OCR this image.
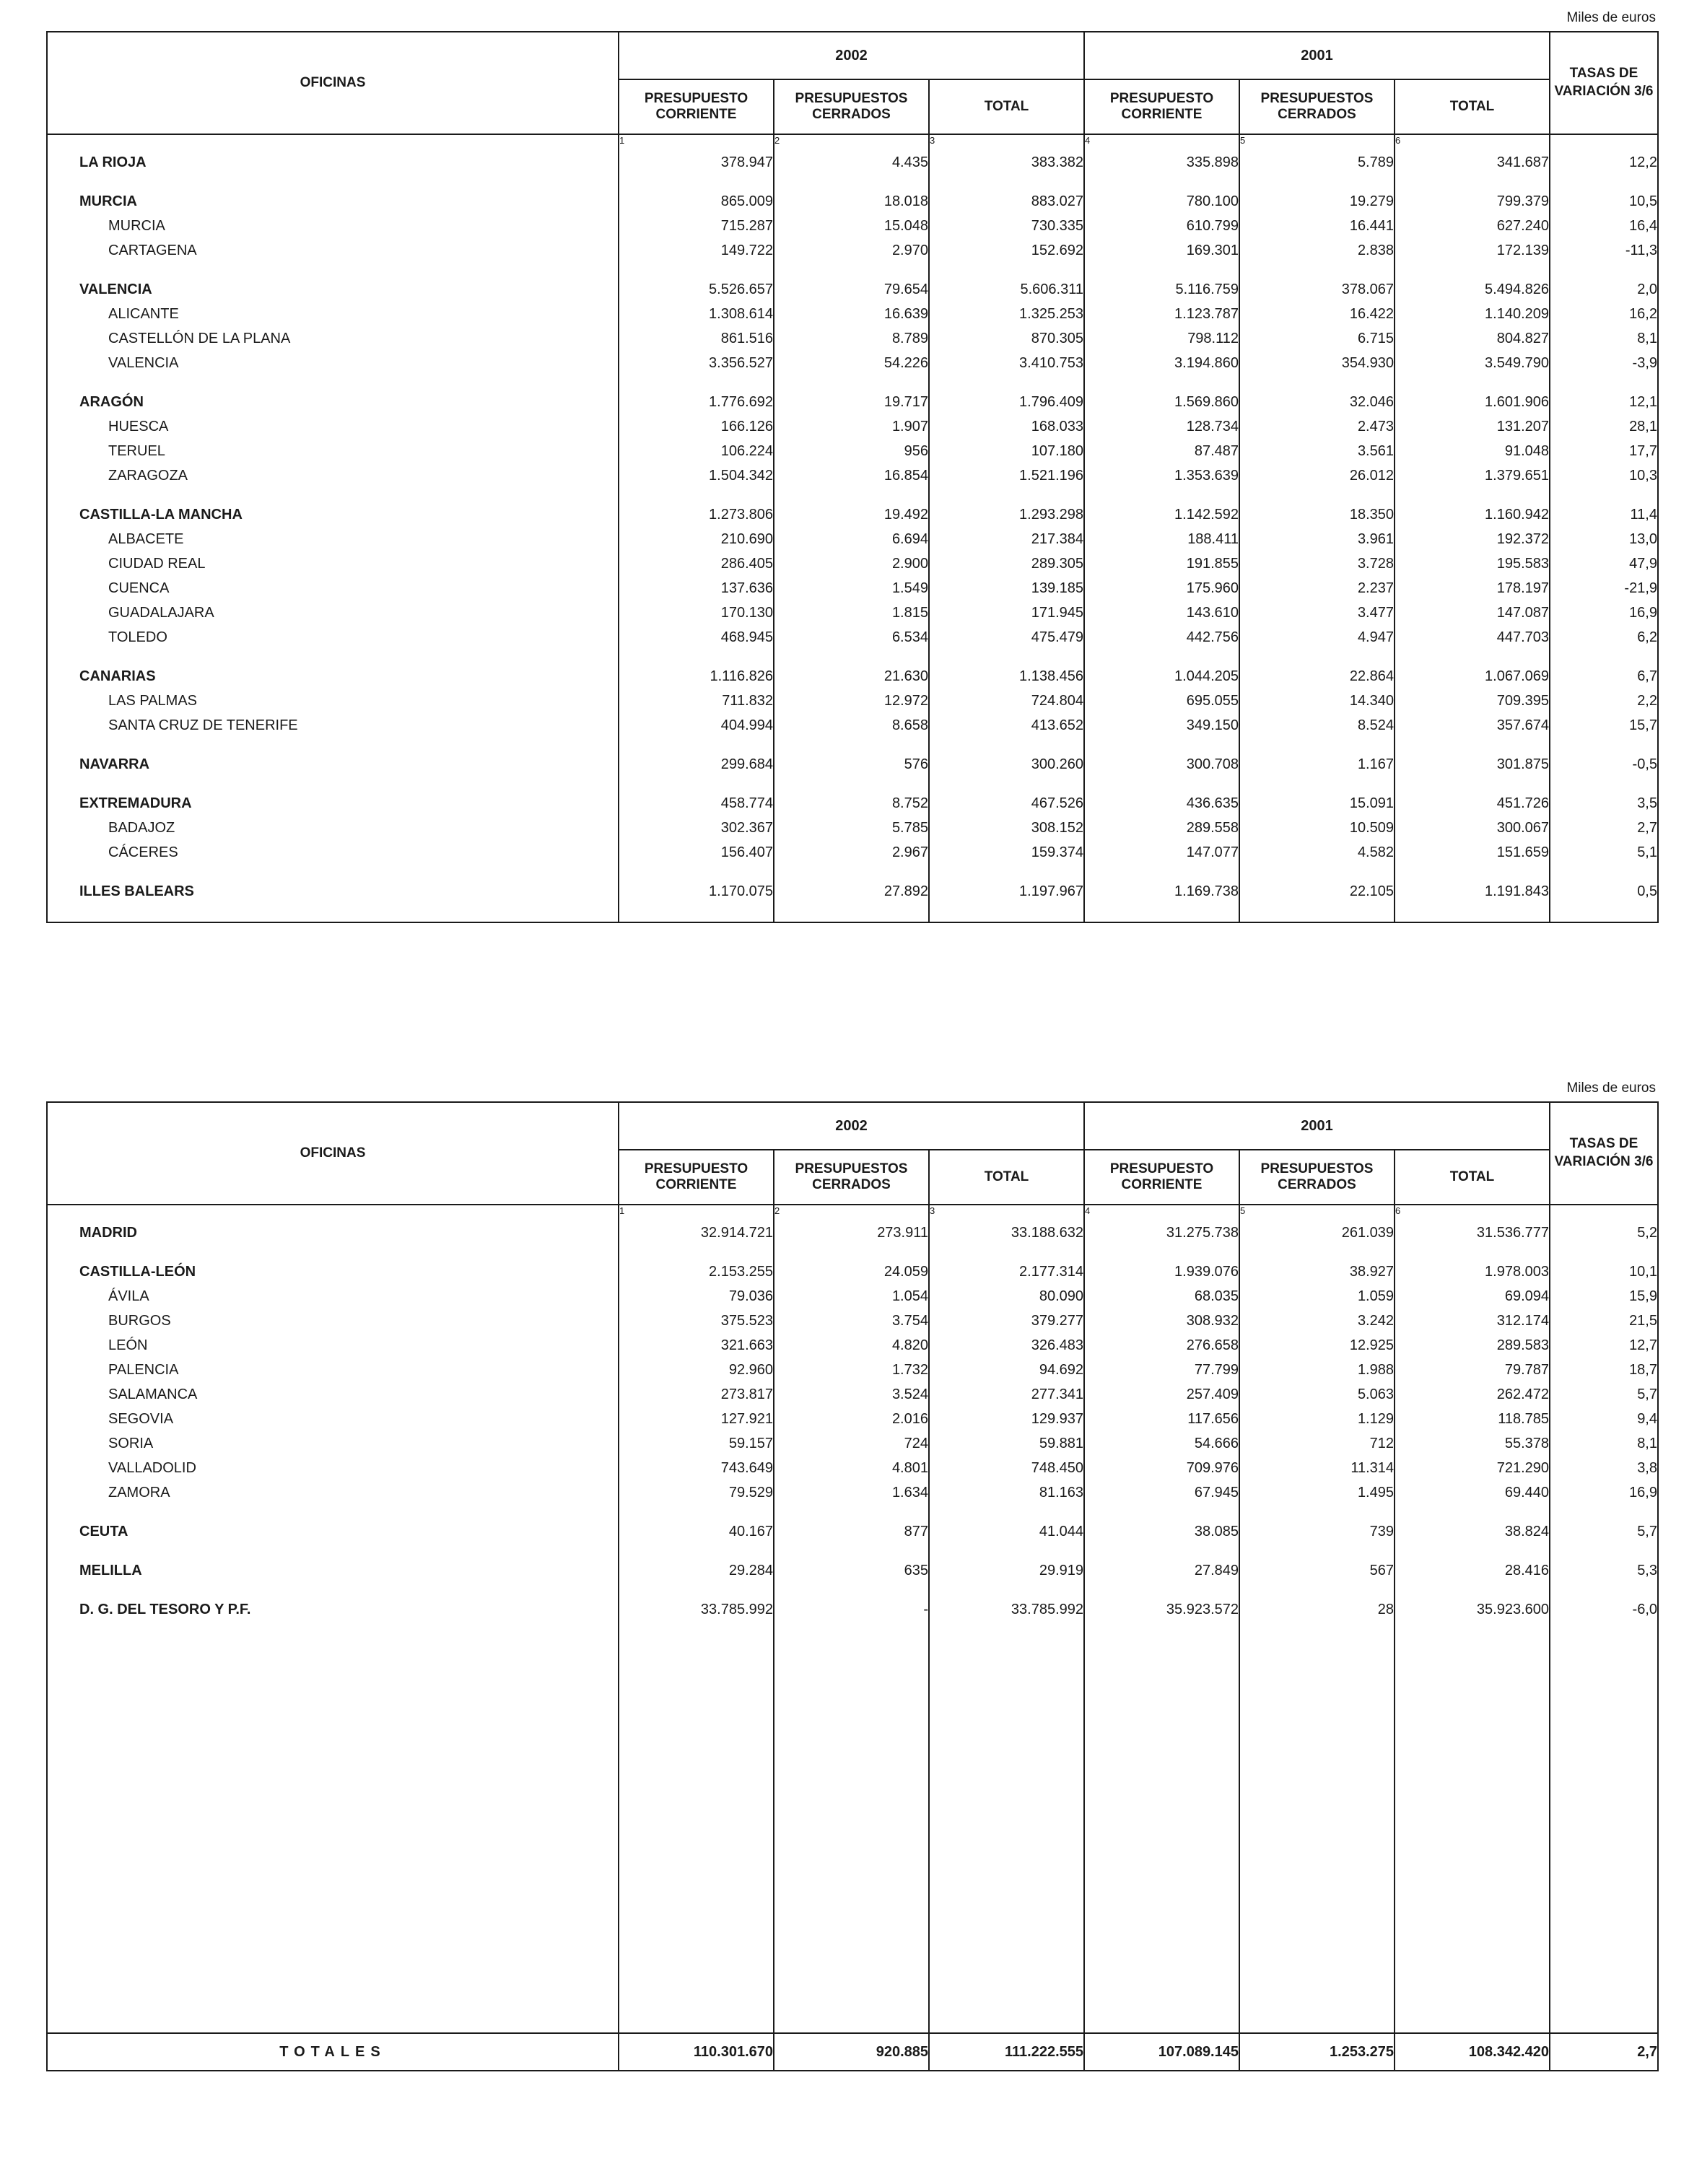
Miles de euros
OFICINAS	2002			2001			TASAS DE VARIACIÓN 3/6
	PRESUPUESTO CORRIENTE	PRESUPUESTOS CERRADOS	TOTAL	PRESUPUESTO CORRIENTE	PRESUPUESTOS CERRADOS	TOTAL	
	1	2	3	4	5	6	
LA RIOJA	378.947	4.435	383.382	335.898	5.789	341.687	12,2

MURCIA	865.009	18.018	883.027	780.100	19.279	799.379	10,5
MURCIA	715.287	15.048	730.335	610.799	16.441	627.240	16,4
CARTAGENA	149.722	2.970	152.692	169.301	2.838	172.139	-11,3

VALENCIA	5.526.657	79.654	5.606.311	5.116.759	378.067	5.494.826	2,0
ALICANTE	1.308.614	16.639	1.325.253	1.123.787	16.422	1.140.209	16,2
CASTELLÓN DE LA PLANA	861.516	8.789	870.305	798.112	6.715	804.827	8,1
VALENCIA	3.356.527	54.226	3.410.753	3.194.860	354.930	3.549.790	-3,9

ARAGÓN	1.776.692	19.717	1.796.409	1.569.860	32.046	1.601.906	12,1
HUESCA	166.126	1.907	168.033	128.734	2.473	131.207	28,1
TERUEL	106.224	956	107.180	87.487	3.561	91.048	17,7
ZARAGOZA	1.504.342	16.854	1.521.196	1.353.639	26.012	1.379.651	10,3

CASTILLA-LA MANCHA	1.273.806	19.492	1.293.298	1.142.592	18.350	1.160.942	11,4
ALBACETE	210.690	6.694	217.384	188.411	3.961	192.372	13,0
CIUDAD REAL	286.405	2.900	289.305	191.855	3.728	195.583	47,9
CUENCA	137.636	1.549	139.185	175.960	2.237	178.197	-21,9
GUADALAJARA	170.130	1.815	171.945	143.610	3.477	147.087	16,9
TOLEDO	468.945	6.534	475.479	442.756	4.947	447.703	6,2

CANARIAS	1.116.826	21.630	1.138.456	1.044.205	22.864	1.067.069	6,7
LAS PALMAS	711.832	12.972	724.804	695.055	14.340	709.395	2,2
SANTA CRUZ DE TENERIFE	404.994	8.658	413.652	349.150	8.524	357.674	15,7

NAVARRA	299.684	576	300.260	300.708	1.167	301.875	-0,5

EXTREMADURA	458.774	8.752	467.526	436.635	15.091	451.726	3,5
BADAJOZ	302.367	5.785	308.152	289.558	10.509	300.067	2,7
CÁCERES	156.407	2.967	159.374	147.077	4.582	151.659	5,1

ILLES BALEARS	1.170.075	27.892	1.197.967	1.169.738	22.105	1.191.843	0,5

Miles de euros
OFICINAS	2002			2001			TASAS DE VARIACIÓN 3/6
	PRESUPUESTO CORRIENTE	PRESUPUESTOS CERRADOS	TOTAL	PRESUPUESTO CORRIENTE	PRESUPUESTOS CERRADOS	TOTAL	
	1	2	3	4	5	6	
MADRID	32.914.721	273.911	33.188.632	31.275.738	261.039	31.536.777	5,2

CASTILLA-LEÓN	2.153.255	24.059	2.177.314	1.939.076	38.927	1.978.003	10,1
ÁVILA	79.036	1.054	80.090	68.035	1.059	69.094	15,9
BURGOS	375.523	3.754	379.277	308.932	3.242	312.174	21,5
LEÓN	321.663	4.820	326.483	276.658	12.925	289.583	12,7
PALENCIA	92.960	1.732	94.692	77.799	1.988	79.787	18,7
SALAMANCA	273.817	3.524	277.341	257.409	5.063	262.472	5,7
SEGOVIA	127.921	2.016	129.937	117.656	1.129	118.785	9,4
SORIA	59.157	724	59.881	54.666	712	55.378	8,1
VALLADOLID	743.649	4.801	748.450	709.976	11.314	721.290	3,8
ZAMORA	79.529	1.634	81.163	67.945	1.495	69.440	16,9

CEUTA	40.167	877	41.044	38.085	739	38.824	5,7

MELILLA	29.284	635	29.919	27.849	567	28.416	5,3

D. G. DEL TESORO Y P.F.	33.785.992	-	33.785.992	35.923.572	28	35.923.600	-6,0

TOTALES	110.301.670	920.885	111.222.555	107.089.145	1.253.275	108.342.420	2,7
